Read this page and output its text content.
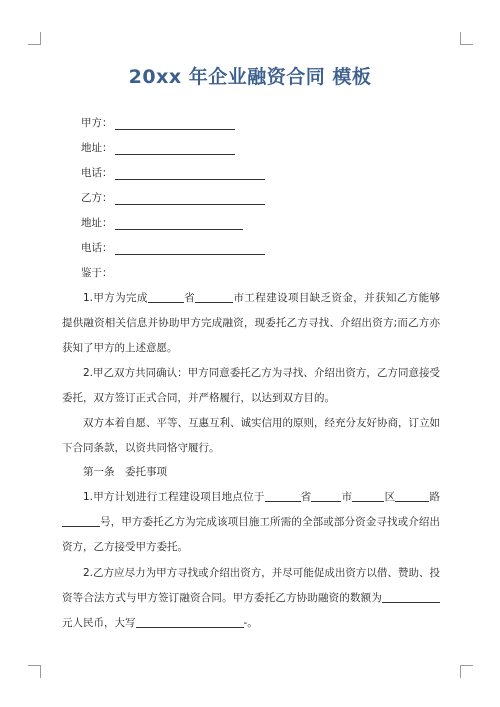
20xx 年企业融资合同 模板
甲方：
地址：
电话：
乙方：
地址：
电话：
鉴于：
1.甲方为完成	省	市工程建设项目缺乏资金，并获知乙方能够提供融资相关信息并协助甲方完成融资，现委托乙方寻找、介绍出资方;而乙方亦获知了甲方的上述意愿。
2.甲乙双方共同确认：甲方同意委托乙方为寻找、介绍出资方，乙方同意接受委托，双方签订正式合同，并严格履行，以达到双方目的。
双方本着自愿、平等、互惠互利、诚实信用的原则，经充分友好协商，订立如下合同条款，以资共同恪守履行。
第一条　委托事项
1.甲方计划进行工程建设项目地点位于	省	市	区	路号，甲方委托乙方为完成该项目施工所需的全部或部分资金寻找或介绍出资方，乙方接受甲方委托。
2.乙方应尽力为甲方寻找或介绍出资方，并尽可能促成出资方以借、赞助、投资等合法方式与甲方签订融资合同。甲方委托乙方协助融资的数额为元人民币，大写	-。
